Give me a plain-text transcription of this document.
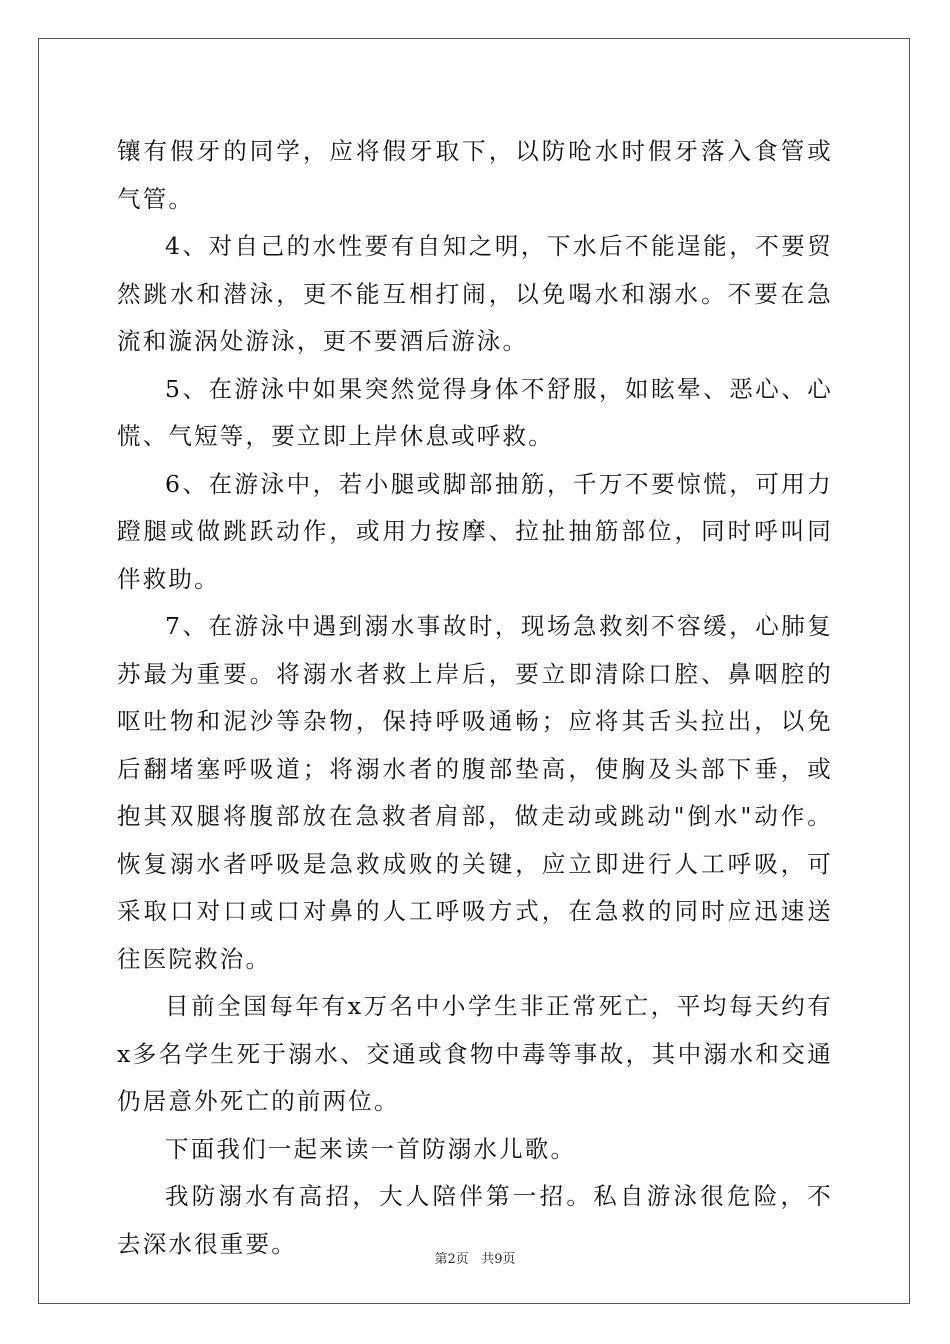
镶有假牙的同学，应将假牙取下，以防呛水时假牙落入食管或气管。

4、对自己的水性要有自知之明，下水后不能逞能，不要贸然跳水和潜泳，更不能互相打闹，以免喝水和溺水。不要在急流和漩涡处游泳，更不要酒后游泳。

5、在游泳中如果突然觉得身体不舒服，如眩晕、恶心、心慌、气短等，要立即上岸休息或呼救。

6、在游泳中，若小腿或脚部抽筋，千万不要惊慌，可用力蹬腿或做跳跃动作，或用力按摩、拉扯抽筋部位，同时呼叫同伴救助。

7、在游泳中遇到溺水事故时，现场急救刻不容缓，心肺复苏最为重要。将溺水者救上岸后，要立即清除口腔、鼻咽腔的呕吐物和泥沙等杂物，保持呼吸通畅；应将其舌头拉出，以免后翻堵塞呼吸道；将溺水者的腹部垫高，使胸及头部下垂，或抱其双腿将腹部放在急救者肩部，做走动或跳动"倒水"动作。恢复溺水者呼吸是急救成败的关键，应立即进行人工呼吸，可采取口对口或口对鼻的人工呼吸方式，在急救的同时应迅速送往医院救治。

目前全国每年有x万名中小学生非正常死亡，平均每天约有x多名学生死于溺水、交通或食物中毒等事故，其中溺水和交通仍居意外死亡的前两位。

下面我们一起来读一首防溺水儿歌。

我防溺水有高招，大人陪伴第一招。私自游泳很危险，不去深水很重要。

第2页 共9页
